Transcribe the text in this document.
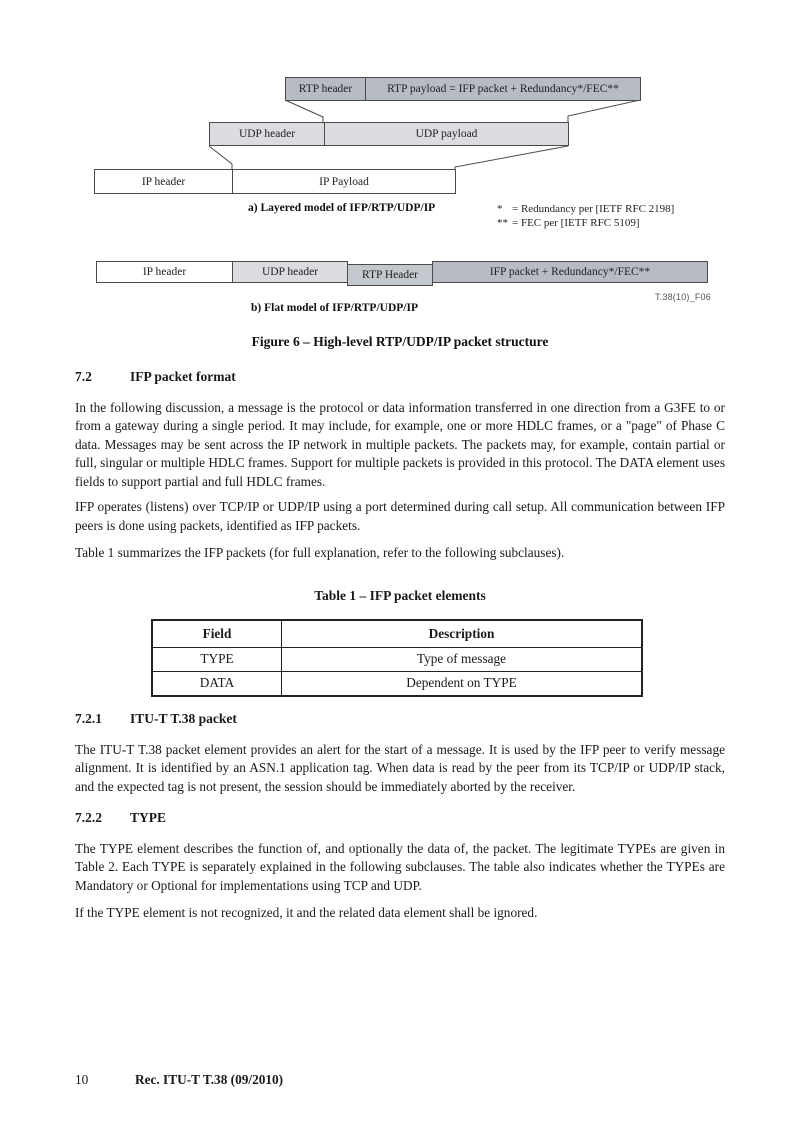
RTP header	RTP payload = IFP packet + Redundancy*/FEC**
UDP header	UDP payload
IP header	IP Payload
a) Layered model of IFP/RTP/UDP/IP	* = Redundancy per [IETF RFC 2198]
** = FEC per [IETF RFC 5109]
IP header	UDP header	RTP Header	IFP packet + Redundancy*/FEC**
b) Flat model of IFP/RTP/UDP/IP
T.38(10)_F06
Figure 6 – High-level RTP/UDP/IP packet structure
7.2	IFP packet format

In the following discussion, a message is the protocol or data information transferred in one direction from a G3FE to or from a gateway during a single period. It may include, for example, one or more HDLC frames, or a "page" of Phase C data. Messages may be sent across the IP network in multiple packets. The packets may, for example, contain partial or full, singular or multiple HDLC frames. Support for multiple packets is provided in this protocol. The DATA element uses fields to support partial and full HDLC frames.

IFP operates (listens) over TCP/IP or UDP/IP using a port determined during call setup. All communication between IFP peers is done using packets, identified as IFP packets.

Table 1 summarizes the IFP packets (for full explanation, refer to the following subclauses).

Table 1 – IFP packet elements
Field	Description
TYPE	Type of message
DATA	Dependent on TYPE
7.2.1	ITU-T T.38 packet

The ITU-T T.38 packet element provides an alert for the start of a message. It is used by the IFP peer to verify message alignment. It is identified by an ASN.1 application tag. When data is read by the peer from its TCP/IP or UDP/IP stack, and the expected tag is not present, the session should be immediately aborted by the receiver.

7.2.2	TYPE

The TYPE element describes the function of, and optionally the data of, the packet. The legitimate TYPEs are given in Table 2. Each TYPE is separately explained in the following subclauses. The table also indicates whether the TYPEs are Mandatory or Optional for implementations using TCP and UDP.

If the TYPE element is not recognized, it and the related data element shall be ignored.

10	Rec. ITU-T T.38 (09/2010)
